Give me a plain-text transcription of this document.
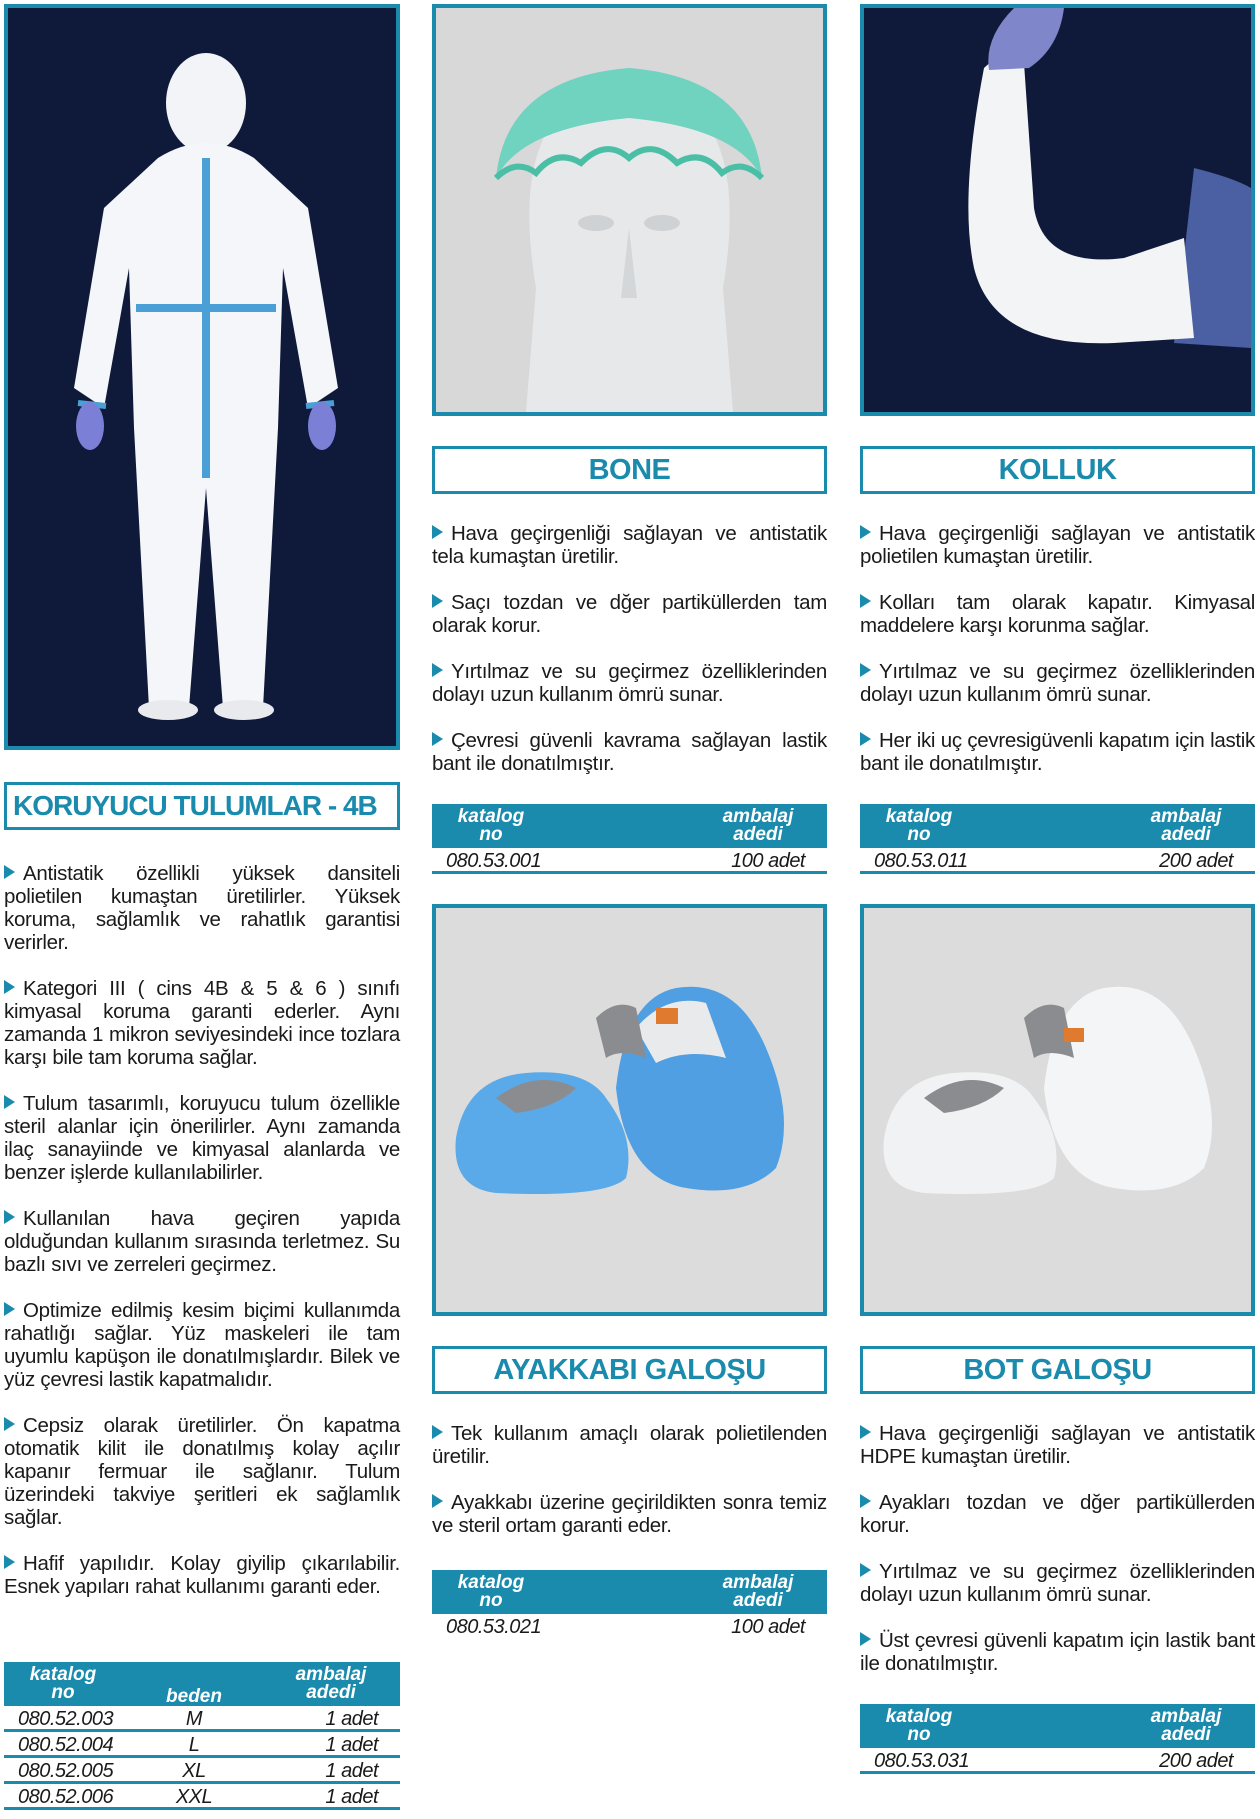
KORUYUCU TULUMLAR - 4B

Antistatik özellikli yüksek dansiteli polietilen kumaştan üretilirler. Yüksek koruma, sağlamlık ve rahatlık garantisi verirler.

Kategori III ( cins 4B & 5 & 6 ) sınıfı kimyasal koruma garanti ederler. Aynı zamanda 1 mikron seviyesindeki ince tozlara karşı bile tam koruma sağlar.

Tulum tasarımlı, koruyucu tulum özellikle steril alanlar için önerilirler. Aynı zamanda ilaç sanayiinde ve kimyasal alanlarda ve benzer işlerde kullanılabilirler.

Kullanılan hava geçiren yapıda olduğundan kullanım sırasında terletmez. Su bazlı sıvı ve zerreleri geçirmez.

Optimize edilmiş kesim biçimi kullanımda rahatlığı sağlar. Yüz maskeleri ile tam uyumlu kapüşon ile donatılmışlardır. Bilek ve yüz çevresi lastik kapatmalıdır.

Cepsiz olarak üretilirler. Ön kapatma otomatik kilit ile donatılmış kolay açılır kapanır fermuar ile sağlanır. Tulum üzerindeki takviye şeritleri ek sağlamlık sağlar.

Hafif yapılıdır. Kolay giyilip çıkarılabilir. Esnek yapıları rahat kullanımı garanti eder.

katalog
no	beden
ambalaj
adedi
080.52.003	M	1 adet
080.52.004	L	1 adet
080.52.005	XL	1 adet
080.52.006	XXL	1 adet
BONE

Hava geçirgenliği sağlayan ve antistatik tela kumaştan üretilir.

Saçı tozdan ve dğer partiküllerden tam olarak korur.

Yırtılmaz ve su geçirmez özelliklerinden dolayı uzun kullanım ömrü sunar.

Çevresi güvenli kavrama sağlayan lastik bant ile donatılmıştır.

katalog
no
ambalaj
adedi
080.53.001	100 adet
AYAKKABI GALOŞU

Tek kullanım amaçlı olarak polietilenden üretilir.

Ayakkabı üzerine geçirildikten sonra temiz ve steril ortam garanti eder.

katalog
no
ambalaj
adedi
080.53.021	100 adet
KOLLUK

Hava geçirgenliği sağlayan ve antistatik polietilen kumaştan üretilir.

Kolları tam olarak kapatır. Kimyasal maddelere karşı korunma sağlar.

Yırtılmaz ve su geçirmez özelliklerinden dolayı uzun kullanım ömrü sunar.

Her iki uç çevresigüvenli kapatım için lastik bant ile donatılmıştır.

katalog
no
ambalaj
adedi
080.53.011	200 adet
BOT GALOŞU

Hava geçirgenliği sağlayan ve antistatik HDPE kumaştan üretilir.

Ayakları tozdan ve dğer partiküllerden korur.

Yırtılmaz ve su geçirmez özelliklerinden dolayı uzun kullanım ömrü sunar.

Üst çevresi güvenli kapatım için lastik bant ile donatılmıştır.

katalog
no
ambalaj
adedi
080.53.031	200 adet
